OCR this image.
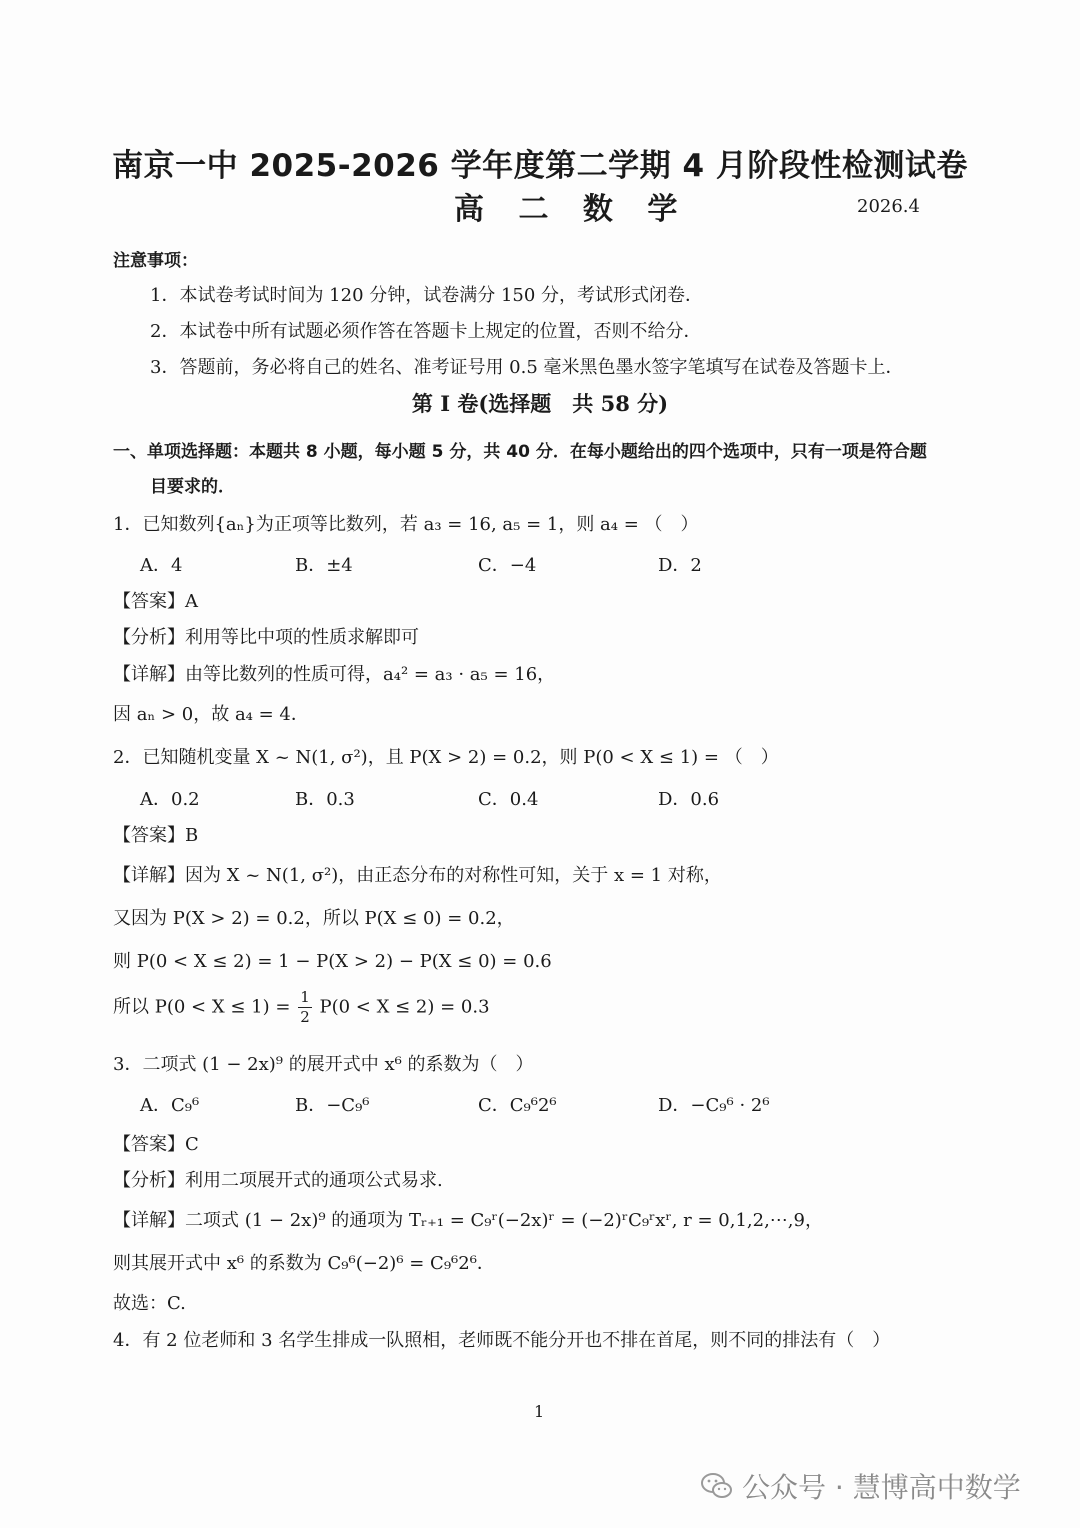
南京一中 2025-2026 学年度第二学期 4 月阶段性检测试卷
高 二 数 学	2026.4
注意事项：
1．本试卷考试时间为 120 分钟，试卷满分 150 分，考试形式闭卷．
2．本试卷中所有试题必须作答在答题卡上规定的位置，否则不给分．
3．答题前，务必将自己的姓名、准考证号用 0.5 毫米黑色墨水签字笔填写在试卷及答题卡上．
第 Ⅰ 卷(选择题　共 58 分)
一、单项选择题：本题共 8 小题，每小题 5 分，共 40 分．在每小题给出的四个选项中，只有一项是符合题
目要求的．
1．已知数列{aₙ}为正项等比数列，若 a₃ = 16, a₅ = 1，则 a₄ = （　）
A．4	B．±4	C．−4	D．2
【答案】A
【分析】利用等比中项的性质求解即可
【详解】由等比数列的性质可得，a₄² = a₃ · a₅ = 16，
因 aₙ > 0，故 a₄ = 4．
2．已知随机变量 X ~ N(1, σ²)，且 P(X > 2) = 0.2，则 P(0 < X ≤ 1) = （　）
A．0.2	B．0.3	C．0.4	D．0.6
【答案】B
【详解】因为 X ~ N(1, σ²)，由正态分布的对称性可知，关于 x = 1 对称，
又因为 P(X > 2) = 0.2，所以 P(X ≤ 0) = 0.2，
则 P(0 < X ≤ 2) = 1 − P(X > 2) − P(X ≤ 0) = 0.6
所以 $P(0 < X \le 1) = \frac{1}{2} P(0 < X \le 2) = 0.3$
3．二项式 (1 − 2x)⁹ 的展开式中 x⁶ 的系数为（　）
A．C₉⁶	B．−C₉⁶	C．C₉⁶2⁶	D．−C₉⁶ · 2⁶
【答案】C
【分析】利用二项展开式的通项公式易求.
【详解】二项式 (1 − 2x)⁹ 的通项为 Tᵣ₊₁ = C₉ʳ(−2x)ʳ = (−2)ʳC₉ʳxʳ, r = 0,1,2,⋯,9，
则其展开式中 x⁶ 的系数为 C₉⁶(−2)⁶ = C₉⁶2⁶．
故选：C.
4．有 2 位老师和 3 名学生排成一队照相，老师既不能分开也不排在首尾，则不同的排法有（　）
1
公众号 · 慧博高中数学
